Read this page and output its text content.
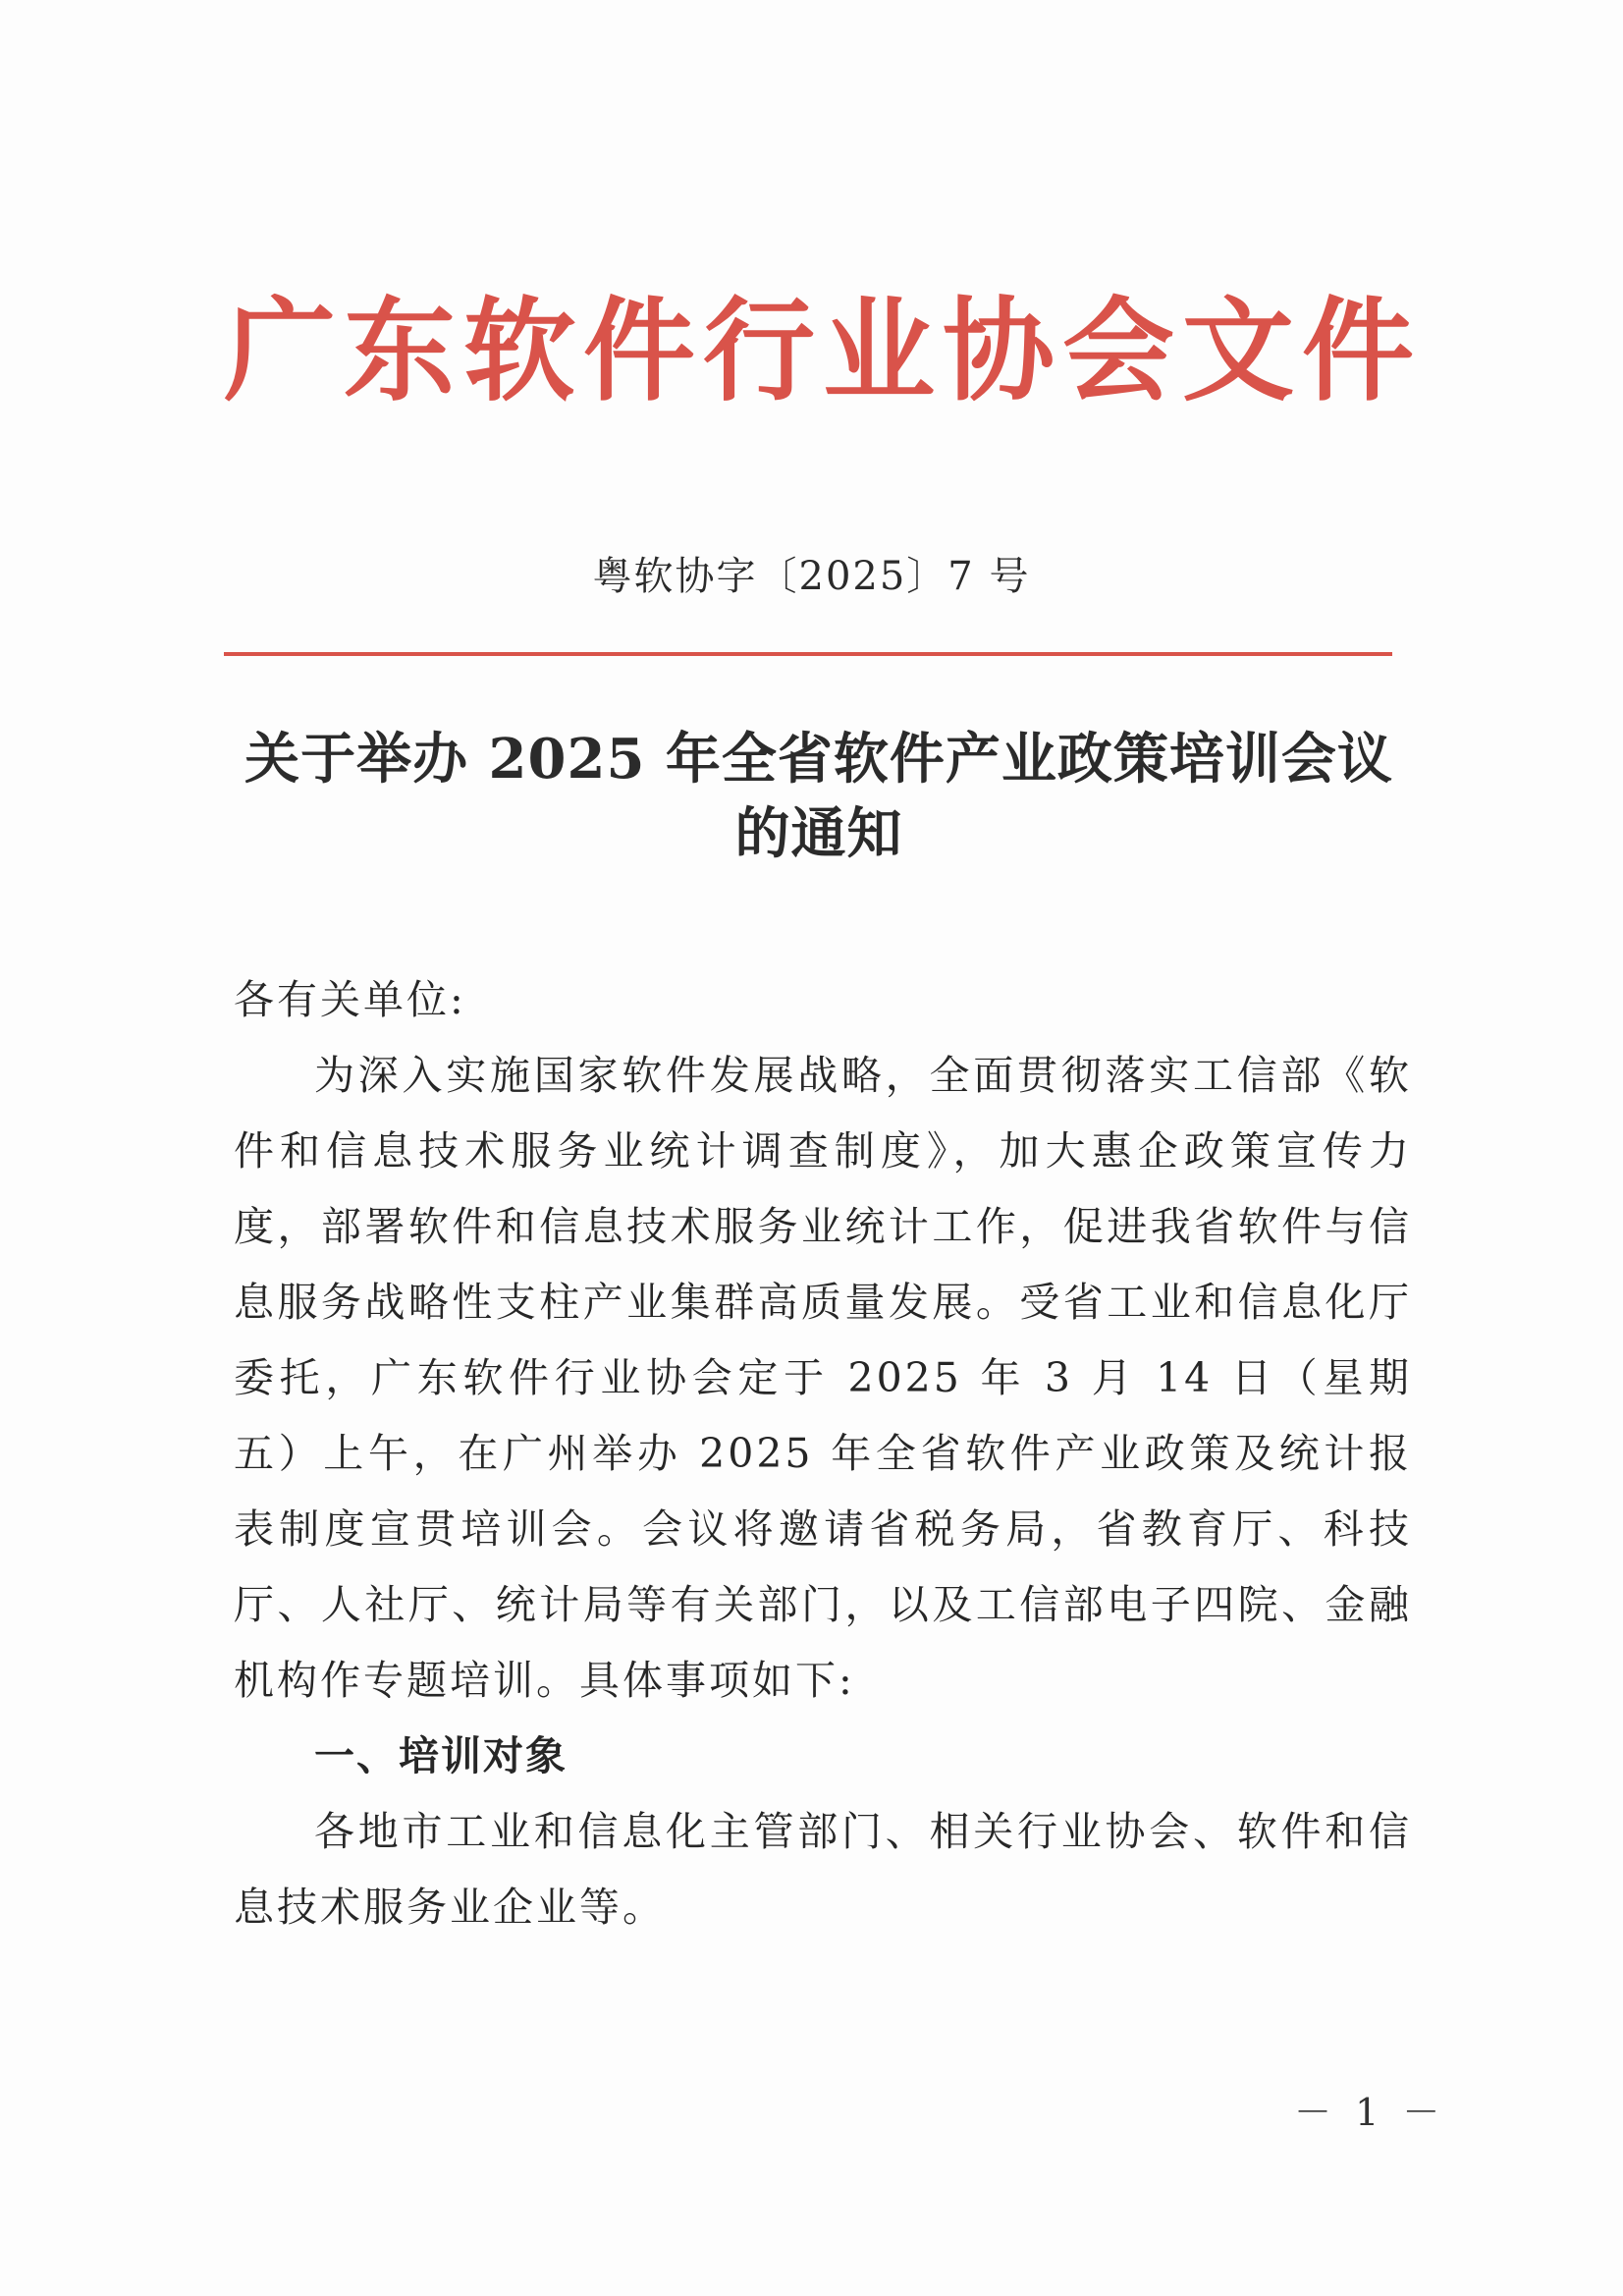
广东软件行业协会文件
粤软协字〔2025〕7 号
关于举办 2025 年全省软件产业政策培训会议的通知

各有关单位:

为深入实施国家软件发展战略，全面贯彻落实工信部《软件和信息技术服务业统计调查制度》，加大惠企政策宣传力度，部署软件和信息技术服务业统计工作，促进我省软件与信息服务战略性支柱产业集群高质量发展。受省工业和信息化厅委托，广东软件行业协会定于 2025 年 3 月 14 日（星期五）上午，在广州举办 2025 年全省软件产业政策及统计报表制度宣贯培训会。会议将邀请省税务局，省教育厅、科技厅、人社厅、统计局等有关部门，以及工信部电子四院、金融机构作专题培训。具体事项如下:

一、培训对象

各地市工业和信息化主管部门、相关行业协会、软件和信息技术服务业企业等。

－ 1 －
